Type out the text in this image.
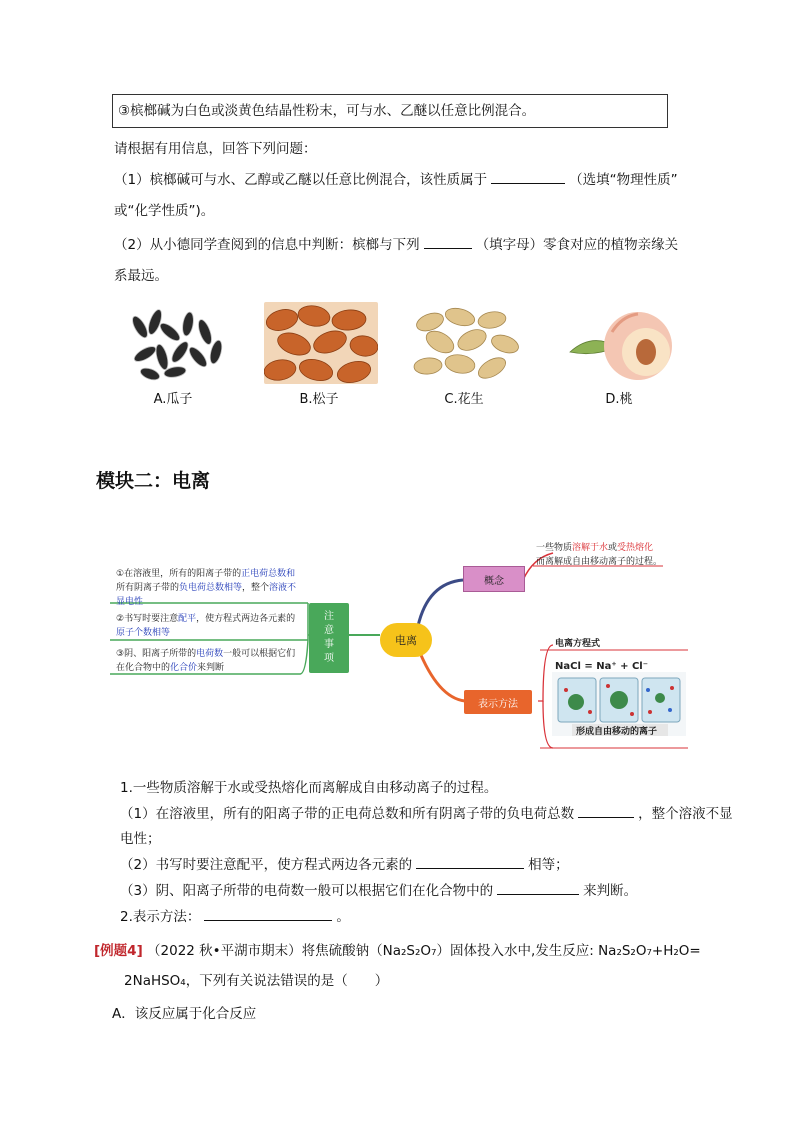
③槟榔碱为白色或淡黄色结晶性粉末，可与水、乙醚以任意比例混合。
请根据有用信息，回答下列问题：
（1）槟榔碱可与水、乙醇或乙醚以任意比例混合，该性质属于	（选填“物理性质”
或“化学性质”)。
（2）从小德同学查阅到的信息中判断：槟榔与下列	（填字母）零食对应的植物亲缘关
系最远。
A.瓜子	B.松子	C.花生	D.桃
模块二：电离
①在溶液里，所有的阳离子带的正电荷总数和
所有阴离子带的负电荷总数相等，整个溶液不
显电性
②书写时要注意配平，使方程式两边各元素的
原子个数相等
③阴、阳离子所带的电荷数一般可以根据它们
在化合物中的化合价来判断
注
意
事
项
电离
概念
一些物质溶解于水或受热熔化
而离解成自由移动离子的过程。
表示方法
电离方程式
NaCl = Na⁺ + Cl⁻
形成自由移动的离子
1.一些物质溶解于水或受热熔化而离解成自由移动离子的过程。
（1）在溶液里，所有的阳离子带的正电荷总数和所有阴离子带的负电荷总数	，整个溶液不显
电性；
（2）书写时要注意配平，使方程式两边各元素的	相等；
（3）阴、阳离子所带的电荷数一般可以根据它们在化合物中的	来判断。
2.表示方法：	。
[例题4] （2022 秋•平湖市期末）将焦硫酸钠（Na₂S₂O₇）固体投入水中,发生反应: Na₂S₂O₇+H₂O=
2NaHSO₄，下列有关说法错误的是（　　）
A．该反应属于化合反应
